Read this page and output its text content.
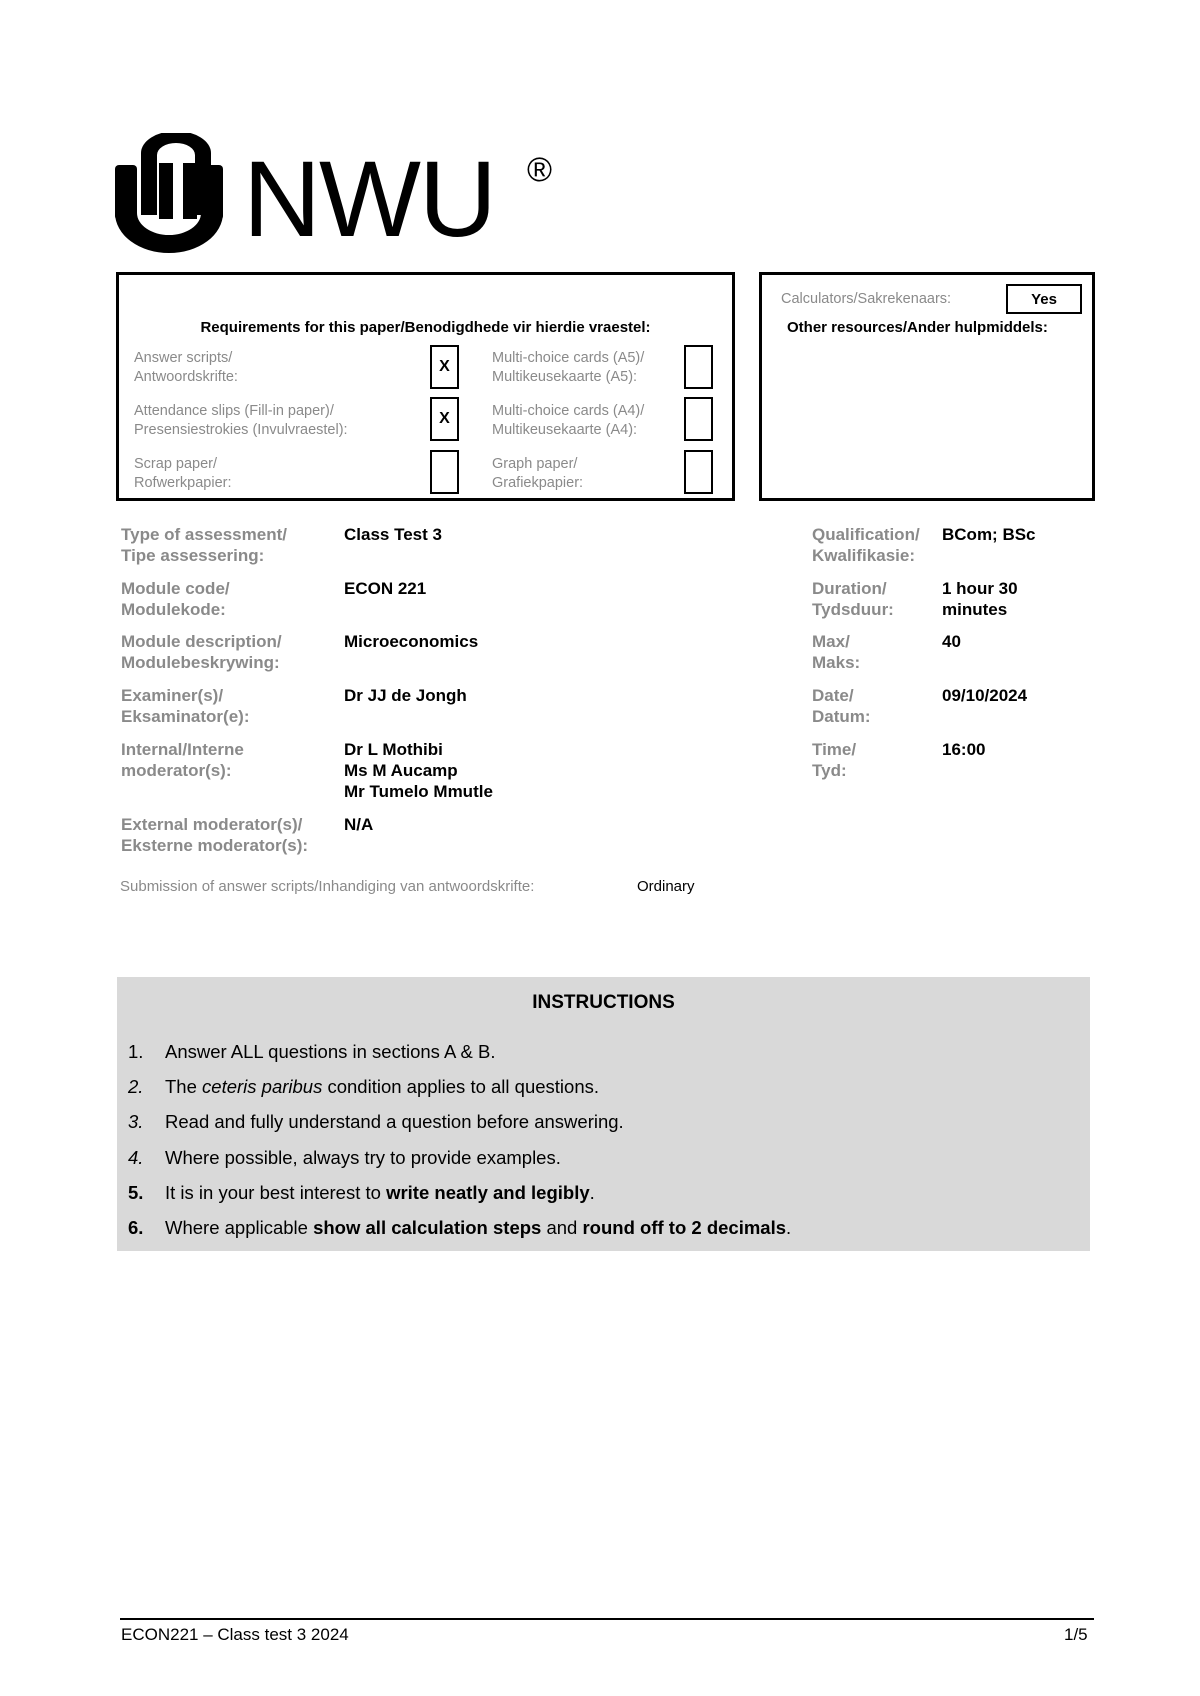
NWU ®
Requirements for this paper/Benodigdhede vir hierdie vraestel:
Answer scripts/
Antwoordskrifte:
X
Attendance slips (Fill-in paper)/
Presensiestrokies (Invulvraestel):
X
Scrap paper/
Rofwerkpapier:
Multi-choice cards (A5)/
Multikeusekaarte (A5):
Multi-choice cards (A4)/
Multikeusekaarte (A4):
Graph paper/
Grafiekpapier:
Calculators/Sakrekenaars:	Yes
Other resources/Ander hulpmiddels:
Type of assessment/
Tipe assessering:
Class Test 3
Module code/
Modulekode:
ECON 221
Module description/
Modulebeskrywing:
Microeconomics
Examiner(s)/
Eksaminator(e):
Dr JJ de Jongh
Internal/Interne
moderator(s):
Dr L Mothibi
Ms M Aucamp
Mr Tumelo Mmutle
External moderator(s)/
Eksterne moderator(s):
N/A
Qualification/
Kwalifikasie:
BCom; BSc
Duration/
Tydsduur:
1 hour 30
minutes
Max/
Maks:
40
Date/
Datum:
09/10/2024
Time/
Tyd:
16:00
Submission of answer scripts/Inhandiging van antwoordskrifte:	Ordinary
INSTRUCTIONS
1. Answer ALL questions in sections A & B.
2. The ceteris paribus condition applies to all questions.
3. Read and fully understand a question before answering.
4. Where possible, always try to provide examples.
5. It is in your best interest to write neatly and legibly.
6. Where applicable show all calculation steps and round off to 2 decimals.
ECON221 – Class test 3 2024	1/5
